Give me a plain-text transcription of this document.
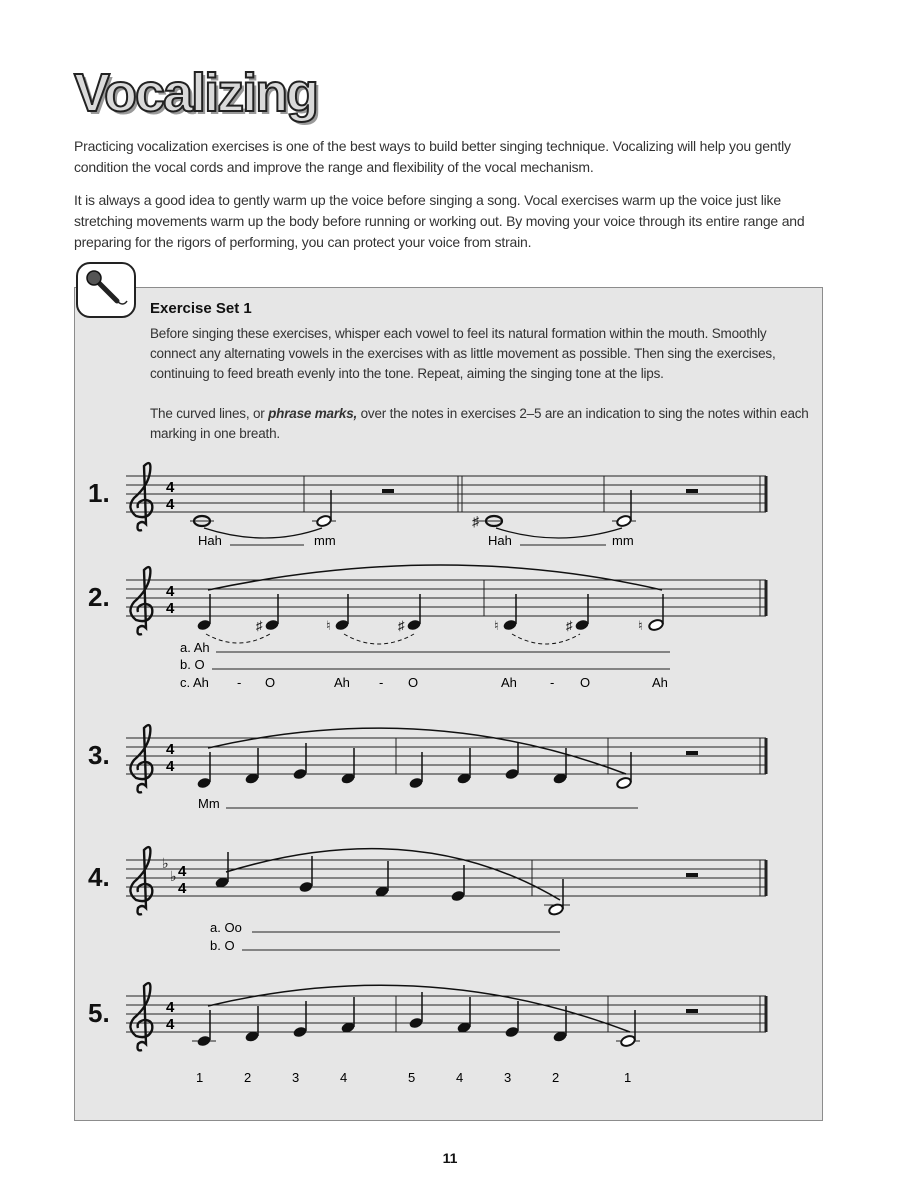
Vocalizing
Practicing vocalization exercises is one of the best ways to build better singing technique. Vocalizing will help you gently condition the vocal cords and improve the range and flexibility of the vocal mechanism.
It is always a good idea to gently warm up the voice before singing a song. Vocal exercises warm up the voice just like stretching movements warm up the body before running or working out. By moving your voice through its entire range and preparing for the rigors of performing, you can protect your voice from strain.
Exercise Set 1
Before singing these exercises, whisper each vowel to feel its natural formation within the mouth. Smoothly connect any alternating vowels in the exercises with as little movement as possible. Then sing the exercises, continuing to feed breath evenly into the tone. Repeat, aiming the singing tone at the lips.
The curved lines, or phrase marks, over the notes in exercises 2–5 are an indication to sing the notes within each marking in one breath.
1.	4
4
♯
Hah	mm	Hah	mm
2.	4
4
♯	♮	♯	♮	♯	♮
a. Ah
b. O
c. Ah - O	Ah - O	Ah	- O	Ah
3.	4
4
Mm
4.	♭
♭ 4
4
a. Oo
b. O
5.	4
4
1	2	3	4	5	4	3	2	1
11
